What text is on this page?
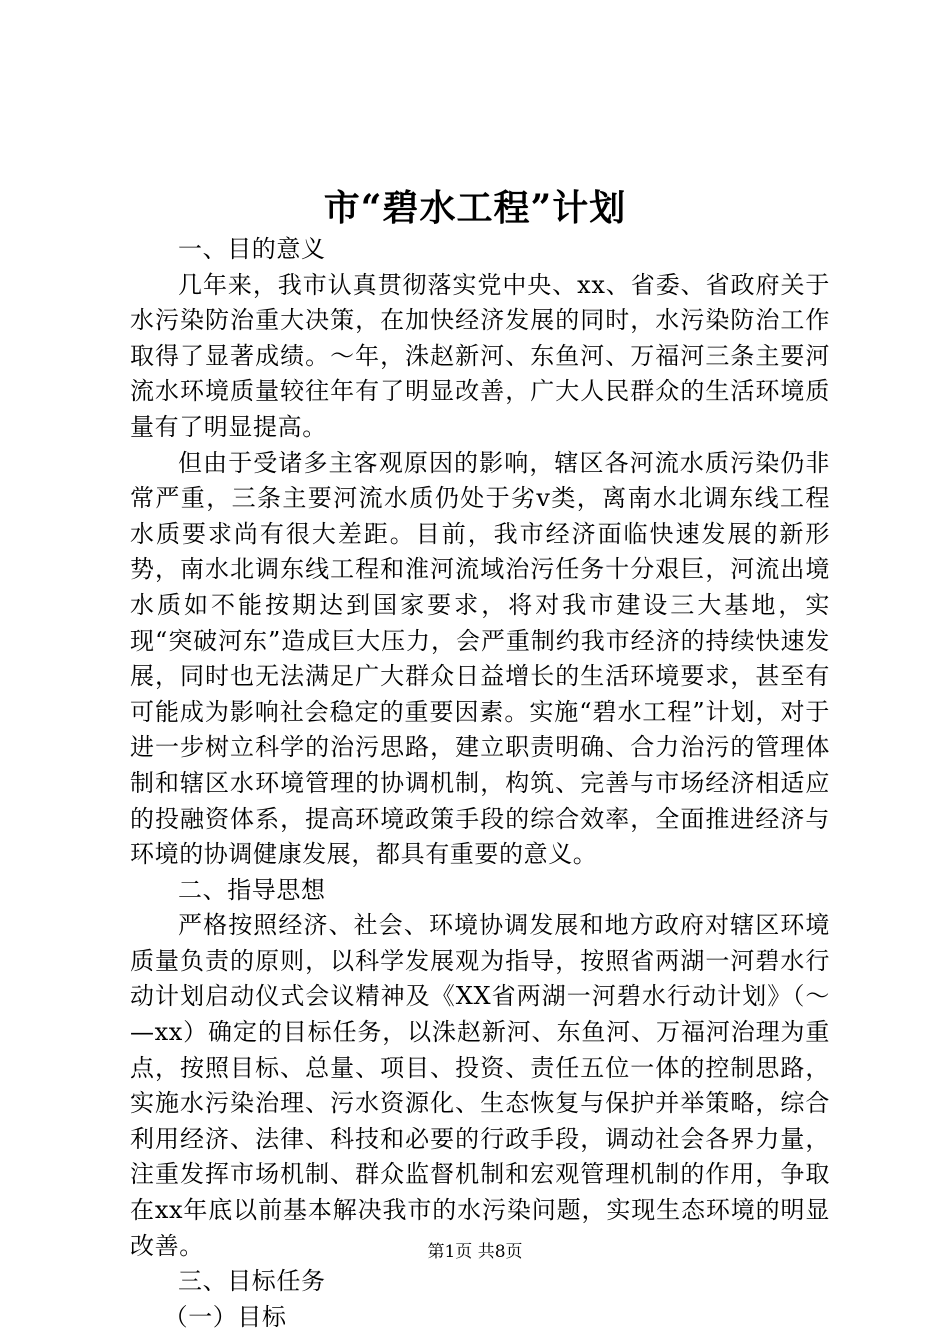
市“碧水工程”计划

一、目的意义

几年来，我市认真贯彻落实党中央、xx、省委、省政府关于水污染防治重大决策，在加快经济发展的同时，水污染防治工作取得了显著成绩。～年，洙赵新河、东鱼河、万福河三条主要河流水环境质量较往年有了明显改善，广大人民群众的生活环境质量有了明显提高。

但由于受诸多主客观原因的影响，辖区各河流水质污染仍非常严重，三条主要河流水质仍处于劣v类，离南水北调东线工程水质要求尚有很大差距。目前，我市经济面临快速发展的新形势，南水北调东线工程和淮河流域治污任务十分艰巨，河流出境水质如不能按期达到国家要求，将对我市建设三大基地，实现“突破河东”造成巨大压力，会严重制约我市经济的持续快速发展，同时也无法满足广大群众日益增长的生活环境要求，甚至有可能成为影响社会稳定的重要因素。实施“碧水工程”计划，对于进一步树立科学的治污思路，建立职责明确、合力治污的管理体制和辖区水环境管理的协调机制，构筑、完善与市场经济相适应的投融资体系，提高环境政策手段的综合效率，全面推进经济与环境的协调健康发展，都具有重要的意义。

二、指导思想

严格按照经济、社会、环境协调发展和地方政府对辖区环境质量负责的原则，以科学发展观为指导，按照省两湖一河碧水行动计划启动仪式会议精神及《XX省两湖一河碧水行动计划》（～—xx）确定的目标任务，以洙赵新河、东鱼河、万福河治理为重点，按照目标、总量、项目、投资、责任五位一体的控制思路，实施水污染治理、污水资源化、生态恢复与保护并举策略，综合利用经济、法律、科技和必要的行政手段，调动社会各界力量，注重发挥市场机制、群众监督机制和宏观管理机制的作用，争取在xx年底以前基本解决我市的水污染问题，实现生态环境的明显改善。

三、目标任务

（一）目标

第1页 共8页
